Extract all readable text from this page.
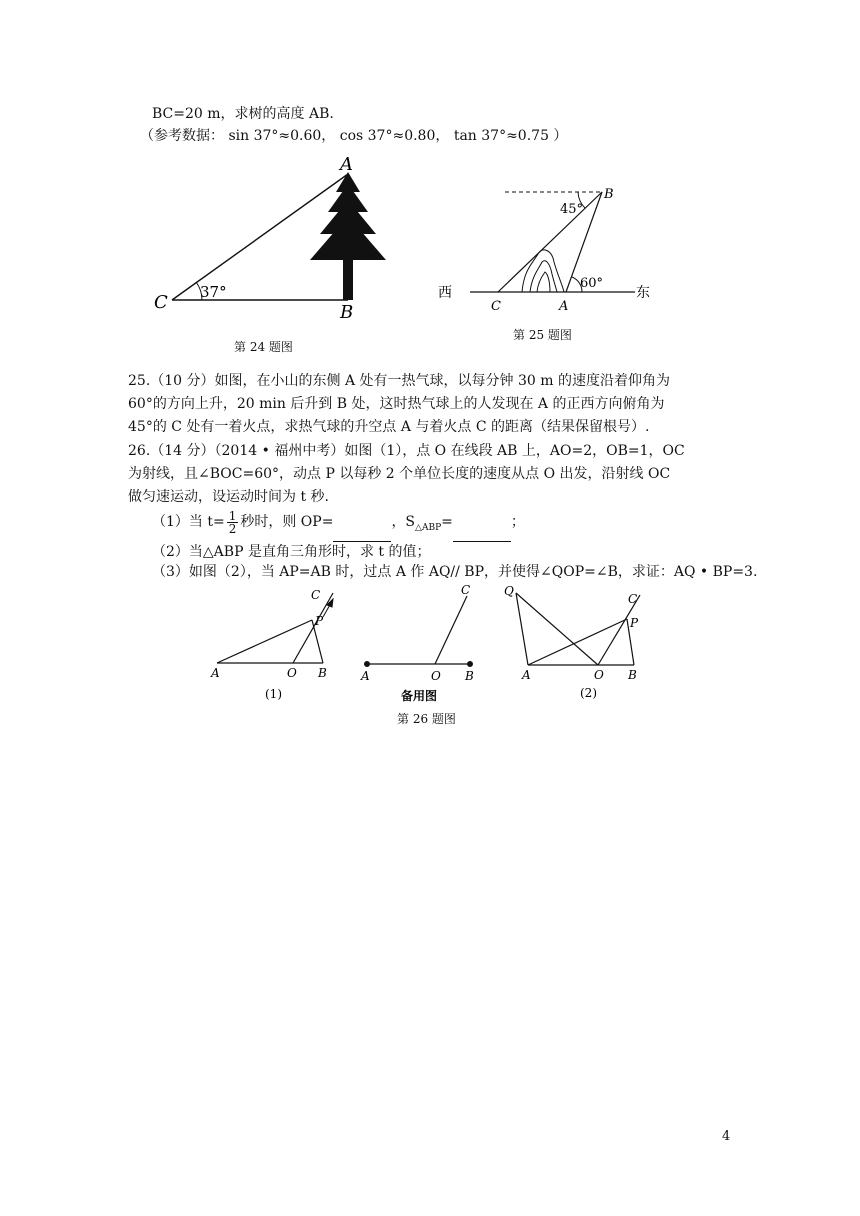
BC=20 m，求树的高度 AB.
（参考数据： sin 37°≈0.60， cos 37°≈0.80， tan 37°≈0.75 ）
A
B
C 37°
第 24 题图
B
45°
60°
西	东
C	A
第 25 题图
25.（10 分）如图，在小山的东侧 A 处有一热气球，以每分钟 30 m 的速度沿着仰角为 60°的方向上升，20 min 后升到 B 处，这时热气球上的人发现在 A 的正西方向俯角为 45°的 C 处有一着火点，求热气球的升空点 A 与着火点 C 的距离（结果保留根号）.
26.（14 分）（2014 • 福州中考）如图（1），点 O 在线段 AB 上，AO=2，OB=1，OC 为射线，且∠BOC=60°，动点 P 以每秒 2 个单位长度的速度从点 O 出发，沿射线 OC 做匀速运动，设运动时间为 t 秒.
（1）当 $t= \frac{1}{2}$ 秒时，则 OP=	，$S_{\triangle ABP}=$	；
（2）当△ABP 是直角三角形时，求 t 的值；
（3）如图（2），当 AP=AB 时，过点 A 作 AQ// BP，并使得∠QOP=∠B，求证：AQ • BP=3.
A	O B
C
P
(1)
A	O B
C
备用图
Q
A	O B
C
P
(2)
第 26 题图
4
